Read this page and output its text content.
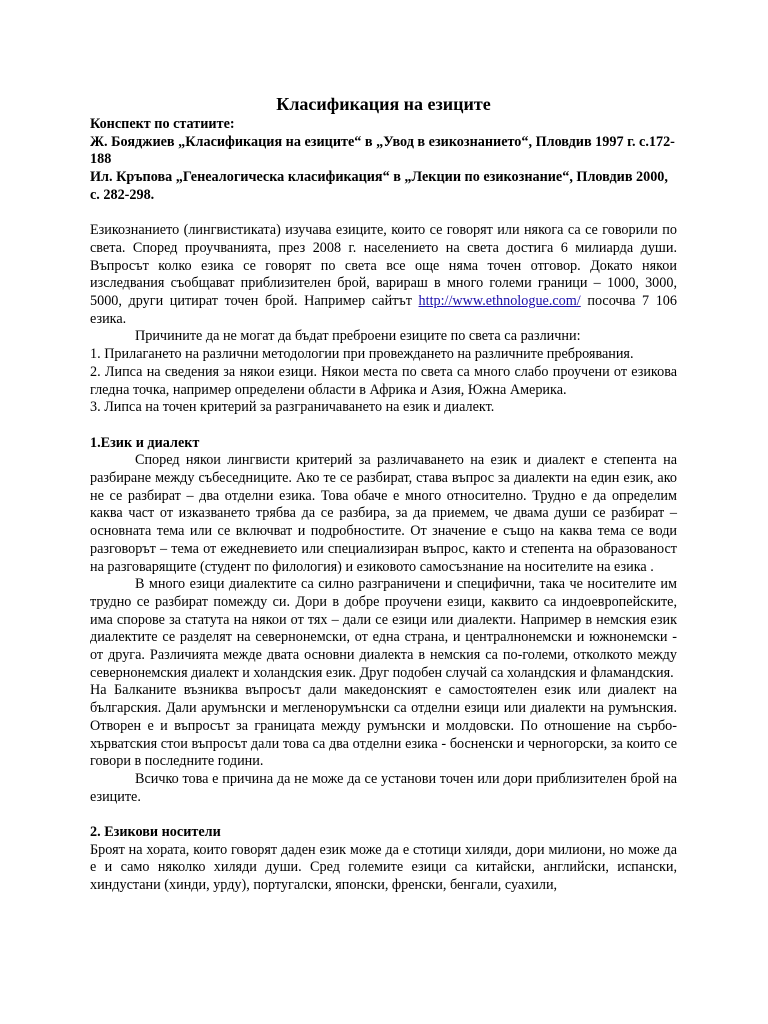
Класификация на езиците
Конспект по статиите:
Ж. Бояджиев „Класификация на езиците“ в „Увод в езикознанието“, Пловдив 1997 г. с.172-188
Ил. Кръпова „Генеалогическа класификация“ в „Лекции по езикознание“, Пловдив 2000, с. 282-298.

Езикознанието (лингвистиката) изучава езиците, които се говорят или някога са се говорили по света. Според проучванията, през 2008 г. населението на света достига 6 милиарда души. Въпросът колко езика се говорят по света все още няма точен отговор. Докато някои изследвания съобщават приблизителен брой, варираш в много големи граници – 1000, 3000, 5000, други цитират точен брой. Например сайтът http://www.ethnologue.com/ посочва 7 106 езика.

Причините да не могат да бъдат преброени езиците по света са различни:

1. Прилагането на различни методологии при провеждането на различните преброявания.

2. Липса на сведения за някои езици. Някои места по света са много слабо проучени от езикова гледна точка, например определени области в Африка и Азия, Южна Америка.

3. Липса на точен критерий за разграничаването на език и диалект.

1.Език и диалект

Според някои лингвисти критерий за различаването на език и диалект е степента на разбиране между събеседниците. Ако те се разбират, става въпрос за диалекти на един език, ако не се разбират – два отделни езика. Това обаче е много относително. Трудно е да определим каква част от изказването трябва да се разбира, за да приемем, че двама души се разбират – основната тема или се включват и подробностите. От значение е също на каква тема се води разговорът – тема от ежедневието или специализиран въпрос, както и степента на образованост на разговарящите (студент по филология) и езиковото самосъзнание на носителите на езика .

В много езици диалектите са силно разграничени и специфични, така че носителите им трудно се разбират помежду си. Дори в добре проучени езици, каквито са индоевропейските, има спорове за статута на някои от тях – дали се езици или диалекти. Например в немския език диалектите се разделят на севернонемски, от една страна, и централнонемски и южнонемски - от друга. Различията межде двата основни диалекта в немския са по-големи, отколкото между севернонемския диалект и холандския език. Друг подобен случай са холандския и фламандския.

На Балканите възниква въпросът дали македонският е самостоятелен език или диалект на българския. Дали арумънски и мегленорумънски са отделни езици или диалекти на румънския. Отворен е и въпросът за границата между румънски и молдовски. По отношение на сърбо-хърватския стои въпросът дали това са два отделни езика - босненски и черногорски, за които се говори в последните години.

Всичко това е причина да не може да се установи точен или дори приблизителен брой на езиците.

2. Езикови носители

Броят на хората, които говорят даден език може да е стотици хиляди, дори милиони, но може да е и само няколко хиляди души. Сред големите езици са китайски, английски, испански, хиндустани (хинди, урду), португалски, японски, френски, бенгали, суахили,
